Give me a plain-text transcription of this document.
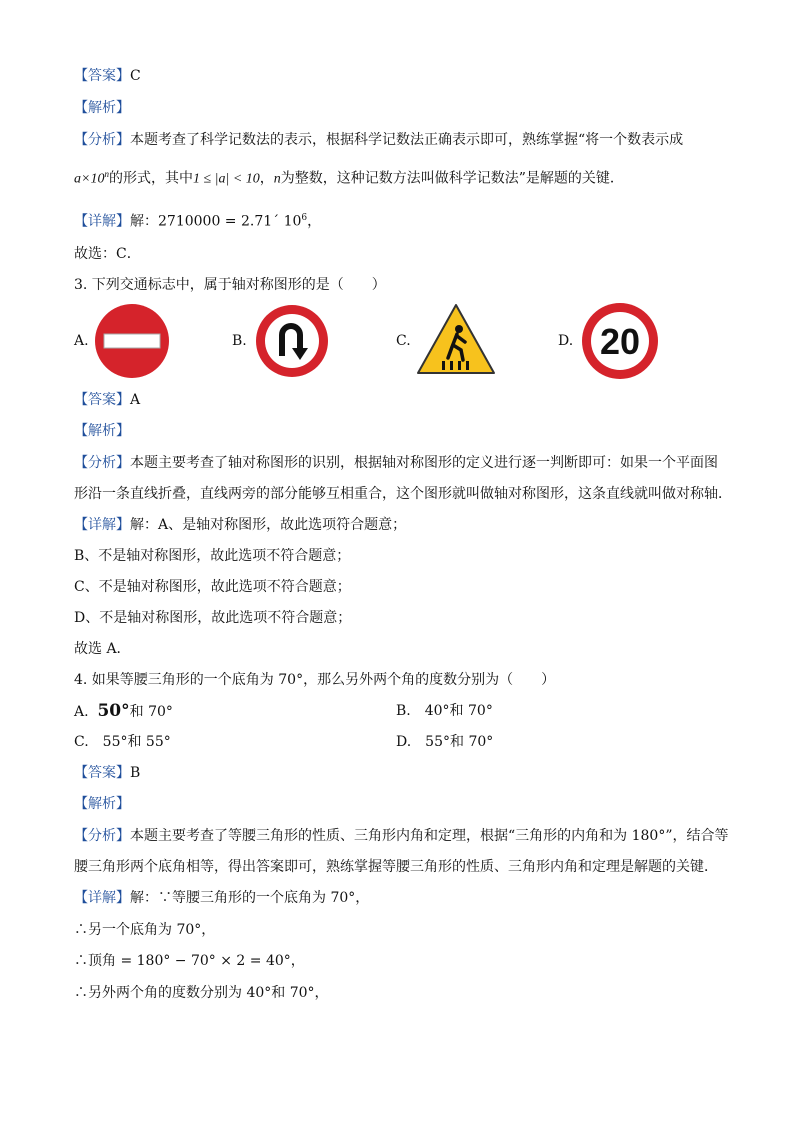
【答案】C
【解析】
【分析】本题考查了科学记数法的表示，根据科学记数法正确表示即可，熟练掌握“将一个数表示成
$a\times 10^n$的形式，其中1 ≤ |a| < 10，n为整数，这种记数方法叫做科学记数法”是解题的关键．
【详解】解：2710000 = 2.71´ $10^6$，
故选：C．
3. 下列交通标志中，属于轴对称图形的是（　　）
A.	B.	C.	D. 20
【答案】A
【解析】
【分析】本题主要考查了轴对称图形的识别，根据轴对称图形的定义进行逐一判断即可：如果一个平面图
形沿一条直线折叠，直线两旁的部分能够互相重合，这个图形就叫做轴对称图形，这条直线就叫做对称轴．
【详解】解：A、是轴对称图形，故此选项符合题意；
B、不是轴对称图形，故此选项不符合题意；
C、不是轴对称图形，故此选项不符合题意；
D、不是轴对称图形，故此选项不符合题意；
故选 A．
4. 如果等腰三角形的一个底角为 70°，那么另外两个角的度数分别为（　　）
A. 50°和 70°	B.　40°和 70°
C.　55°和 55°	D.　55°和 70°
【答案】B
【解析】
【分析】本题主要考查了等腰三角形的性质、三角形内角和定理，根据“三角形的内角和为 180°”，结合等
腰三角形两个底角相等，得出答案即可，熟练掌握等腰三角形的性质、三角形内角和定理是解题的关键．
【详解】解：∵等腰三角形的一个底角为 70°，
∴另一个底角为 70°，
∴顶角 = 180° − 70° × 2 = 40°，
∴另外两个角的度数分别为 40°和 70°，
